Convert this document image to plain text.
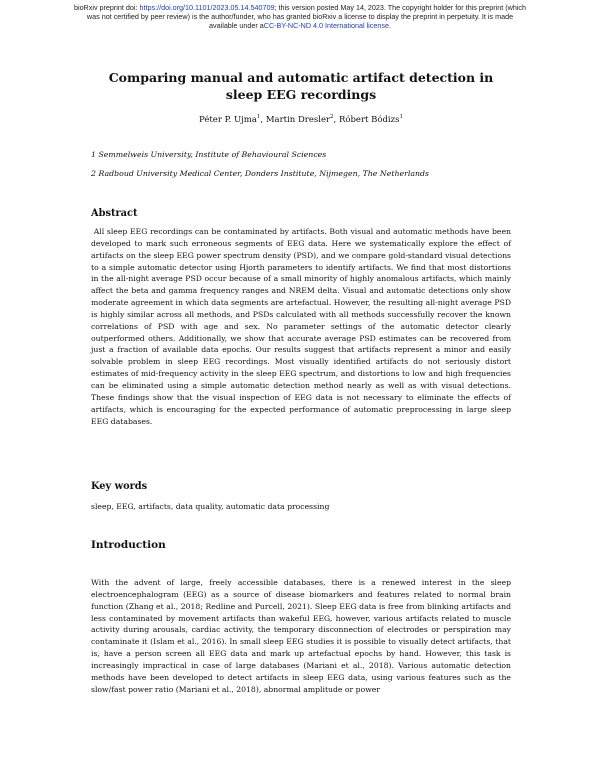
bioRxiv preprint doi: https://doi.org/10.1101/2023.05.14.540709; this version posted May 14, 2023. The copyright holder for this preprint (which
was not certified by peer review) is the author/funder, who has granted bioRxiv a license to display the preprint in perpetuity. It is made
available under aCC-BY-NC-ND 4.0 International license.
Comparing manual and automatic artifact detection in sleep EEG recordings
Péter P. Ujma$^1$, Martin Dresler$^2$, Róbert Bódizs$^1$
1 Semmelweis University, Institute of Behavioural Sciences
2 Radboud University Medical Center, Donders Institute, Nijmegen, The Netherlands
Abstract
All sleep EEG recordings can be contaminated by artifacts. Both visual and automatic methods have been developed to mark such erroneous segments of EEG data. Here we systematically explore the effect of artifacts on the sleep EEG power spectrum density (PSD), and we compare gold-standard visual detections to a simple automatic detector using Hjorth parameters to identify artifacts. We find that most distortions in the all-night average PSD occur because of a small minority of highly anomalous artifacts, which mainly affect the beta and gamma frequency ranges and NREM delta. Visual and automatic detections only show moderate agreement in which data segments are artefactual. However, the resulting all-night average PSD is highly similar across all methods, and PSDs calculated with all methods successfully recover the known correlations of PSD with age and sex. No parameter settings of the automatic detector clearly outperformed others. Additionally, we show that accurate average PSD estimates can be recovered from just a fraction of available data epochs. Our results suggest that artifacts represent a minor and easily solvable problem in sleep EEG recordings. Most visually identified artifacts do not seriously distort estimates of mid-frequency activity in the sleep EEG spectrum, and distortions to low and high frequencies can be eliminated using a simple automatic detection method nearly as well as with visual detections. These findings show that the visual inspection of EEG data is not necessary to eliminate the effects of artifacts, which is encouraging for the expected performance of automatic preprocessing in large sleep EEG databases.
Key words
sleep, EEG, artifacts, data quality, automatic data processing
Introduction
With the advent of large, freely accessible databases, there is a renewed interest in the sleep electroencephalogram (EEG) as a source of disease biomarkers and features related to normal brain function (Zhang et al., 2018; Redline and Purcell, 2021). Sleep EEG data is free from blinking artifacts and less contaminated by movement artifacts than wakeful EEG, however, various artifacts related to muscle activity during arousals, cardiac activity, the temporary disconnection of electrodes or perspiration may contaminate it (Islam et al., 2016). In small sleep EEG studies it is possible to visually detect artifacts, that is, have a person screen all EEG data and mark up artefactual epochs by hand. However, this task is increasingly impractical in case of large databases (Mariani et al., 2018). Various automatic detection methods have been developed to detect artifacts in sleep EEG data, using various features such as the slow/fast power ratio (Mariani et al., 2018), abnormal amplitude or power
